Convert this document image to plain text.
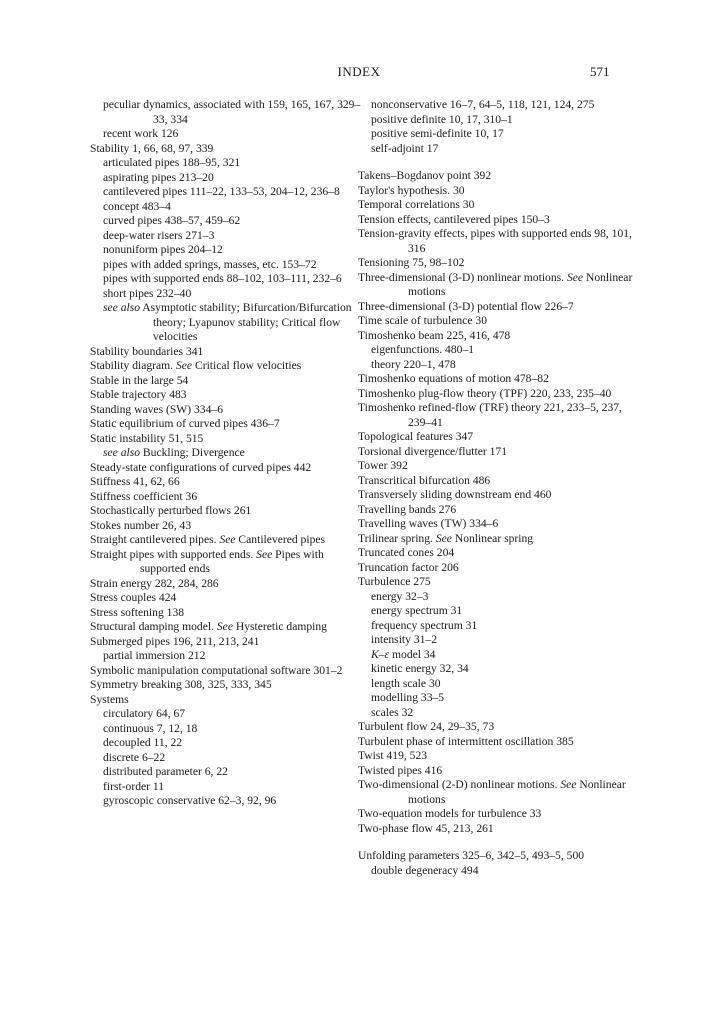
INDEX	571
peculiar dynamics, associated with 159, 165, 167, 329–33, 334
recent work 126
Stability 1, 66, 68, 97, 339
articulated pipes 188–95, 321
aspirating pipes 213–20
cantilevered pipes 111–22, 133–53, 204–12, 236–8
concept 483–4
curved pipes 438–57, 459–62
deep-water risers 271–3
nonuniform pipes 204–12
pipes with added springs, masses, etc. 153–72
pipes with supported ends 88–102, 103–111, 232–6
short pipes 232–40
see also Asymptotic stability; Bifurcation/Bifurcation theory; Lyapunov stability; Critical flow velocities
Stability boundaries 341
Stability diagram. See Critical flow velocities
Stable in the large 54
Stable trajectory 483
Standing waves (SW) 334–6
Static equilibrium of curved pipes 436–7
Static instability 51, 515
see also Buckling; Divergence
Steady-state configurations of curved pipes 442
Stiffness 41, 62, 66
Stiffness coefficient 36
Stochastically perturbed flows 261
Stokes number 26, 43
Straight cantilevered pipes. See Cantilevered pipes
Straight pipes with supported ends. See Pipes with supported ends
Strain energy 282, 284, 286
Stress couples 424
Stress softening 138
Structural damping model. See Hysteretic damping
Submerged pipes 196, 211, 213, 241
partial immersion 212
Symbolic manipulation computational software 301–2
Symmetry breaking 308, 325, 333, 345
Systems
circulatory 64, 67
continuous 7, 12, 18
decoupled 11, 22
discrete 6–22
distributed parameter 6, 22
first-order 11
gyroscopic conservative 62–3, 92, 96
nonconservative 16–7, 64–5, 118, 121, 124, 275
positive definite 10, 17, 310–1
positive semi-definite 10, 17
self-adjoint 17
Takens–Bogdanov point 392
Taylor's hypothesis. 30
Temporal correlations 30
Tension effects, cantilevered pipes 150–3
Tension-gravity effects, pipes with supported ends 98, 101, 316
Tensioning 75, 98–102
Three-dimensional (3-D) nonlinear motions. See Nonlinear motions
Three-dimensional (3-D) potential flow 226–7
Time scale of turbulence 30
Timoshenko beam 225, 416, 478
eigenfunctions. 480–1
theory 220–1, 478
Timoshenko equations of motion 478–82
Timoshenko plug-flow theory (TPF) 220, 233, 235–40
Timoshenko refined-flow (TRF) theory 221, 233–5, 237, 239–41
Topological features 347
Torsional divergence/flutter 171
Tower 392
Transcritical bifurcation 486
Transversely sliding downstream end 460
Travelling bands 276
Travelling waves (TW) 334–6
Trilinear spring. See Nonlinear spring
Truncated cones 204
Truncation factor 206
Turbulence 275
energy 32–3
energy spectrum 31
frequency spectrum 31
intensity 31–2
K–ε model 34
kinetic energy 32, 34
length scale 30
modelling 33–5
scales 32
Turbulent flow 24, 29–35, 73
Turbulent phase of intermittent oscillation 385
Twist 419, 523
Twisted pipes 416
Two-dimensional (2-D) nonlinear motions. See Nonlinear motions
Two-equation models for turbulence 33
Two-phase flow 45, 213, 261
Unfolding parameters 325–6, 342–5, 493–5, 500
double degeneracy 494
